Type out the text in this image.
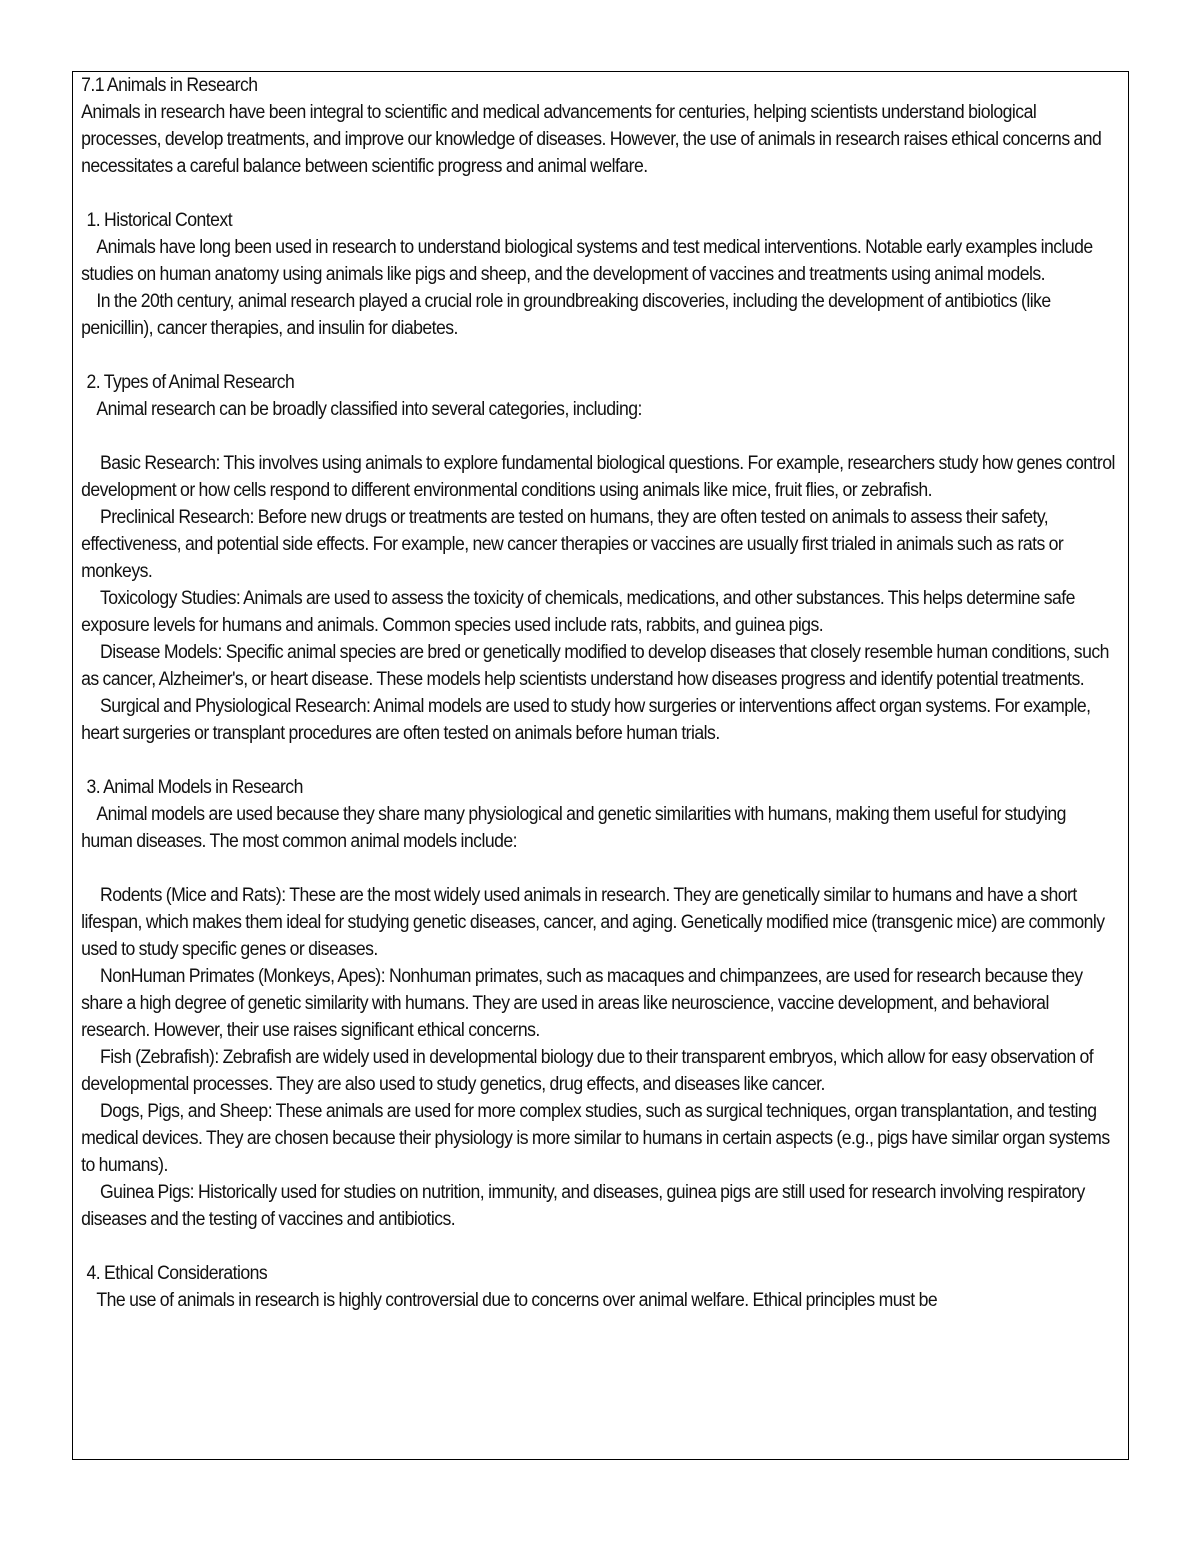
7.1 Animals in Research

Animals in research have been integral to scientific and medical advancements for centuries, helping scientists understand biological processes, develop treatments, and improve our knowledge of diseases. However, the use of animals in research raises ethical concerns and necessitates a careful balance between scientific progress and animal welfare.

1. Historical Context

Animals have long been used in research to understand biological systems and test medical interventions. Notable early examples include studies on human anatomy using animals like pigs and sheep, and the development of vaccines and treatments using animal models.

In the 20th century, animal research played a crucial role in groundbreaking discoveries, including the development of antibiotics (like penicillin), cancer therapies, and insulin for diabetes.

2. Types of Animal Research

Animal research can be broadly classified into several categories, including:

Basic Research: This involves using animals to explore fundamental biological questions. For example, researchers study how genes control development or how cells respond to different environmental conditions using animals like mice, fruit flies, or zebrafish.

Preclinical Research: Before new drugs or treatments are tested on humans, they are often tested on animals to assess their safety, effectiveness, and potential side effects. For example, new cancer therapies or vaccines are usually first trialed in animals such as rats or monkeys.

Toxicology Studies: Animals are used to assess the toxicity of chemicals, medications, and other substances. This helps determine safe exposure levels for humans and animals. Common species used include rats, rabbits, and guinea pigs.

Disease Models: Specific animal species are bred or genetically modified to develop diseases that closely resemble human conditions, such as cancer, Alzheimer's, or heart disease. These models help scientists understand how diseases progress and identify potential treatments.

Surgical and Physiological Research: Animal models are used to study how surgeries or interventions affect organ systems. For example, heart surgeries or transplant procedures are often tested on animals before human trials.

3. Animal Models in Research

Animal models are used because they share many physiological and genetic similarities with humans, making them useful for studying human diseases. The most common animal models include:

Rodents (Mice and Rats): These are the most widely used animals in research. They are genetically similar to humans and have a short lifespan, which makes them ideal for studying genetic diseases, cancer, and aging. Genetically modified mice (transgenic mice) are commonly used to study specific genes or diseases.

NonHuman Primates (Monkeys, Apes): Nonhuman primates, such as macaques and chimpanzees, are used for research because they share a high degree of genetic similarity with humans. They are used in areas like neuroscience, vaccine development, and behavioral research. However, their use raises significant ethical concerns.

Fish (Zebrafish): Zebrafish are widely used in developmental biology due to their transparent embryos, which allow for easy observation of developmental processes. They are also used to study genetics, drug effects, and diseases like cancer.

Dogs, Pigs, and Sheep: These animals are used for more complex studies, such as surgical techniques, organ transplantation, and testing medical devices. They are chosen because their physiology is more similar to humans in certain aspects (e.g., pigs have similar organ systems to humans).

Guinea Pigs: Historically used for studies on nutrition, immunity, and diseases, guinea pigs are still used for research involving respiratory diseases and the testing of vaccines and antibiotics.

4. Ethical Considerations

The use of animals in research is highly controversial due to concerns over animal welfare. Ethical principles must be
